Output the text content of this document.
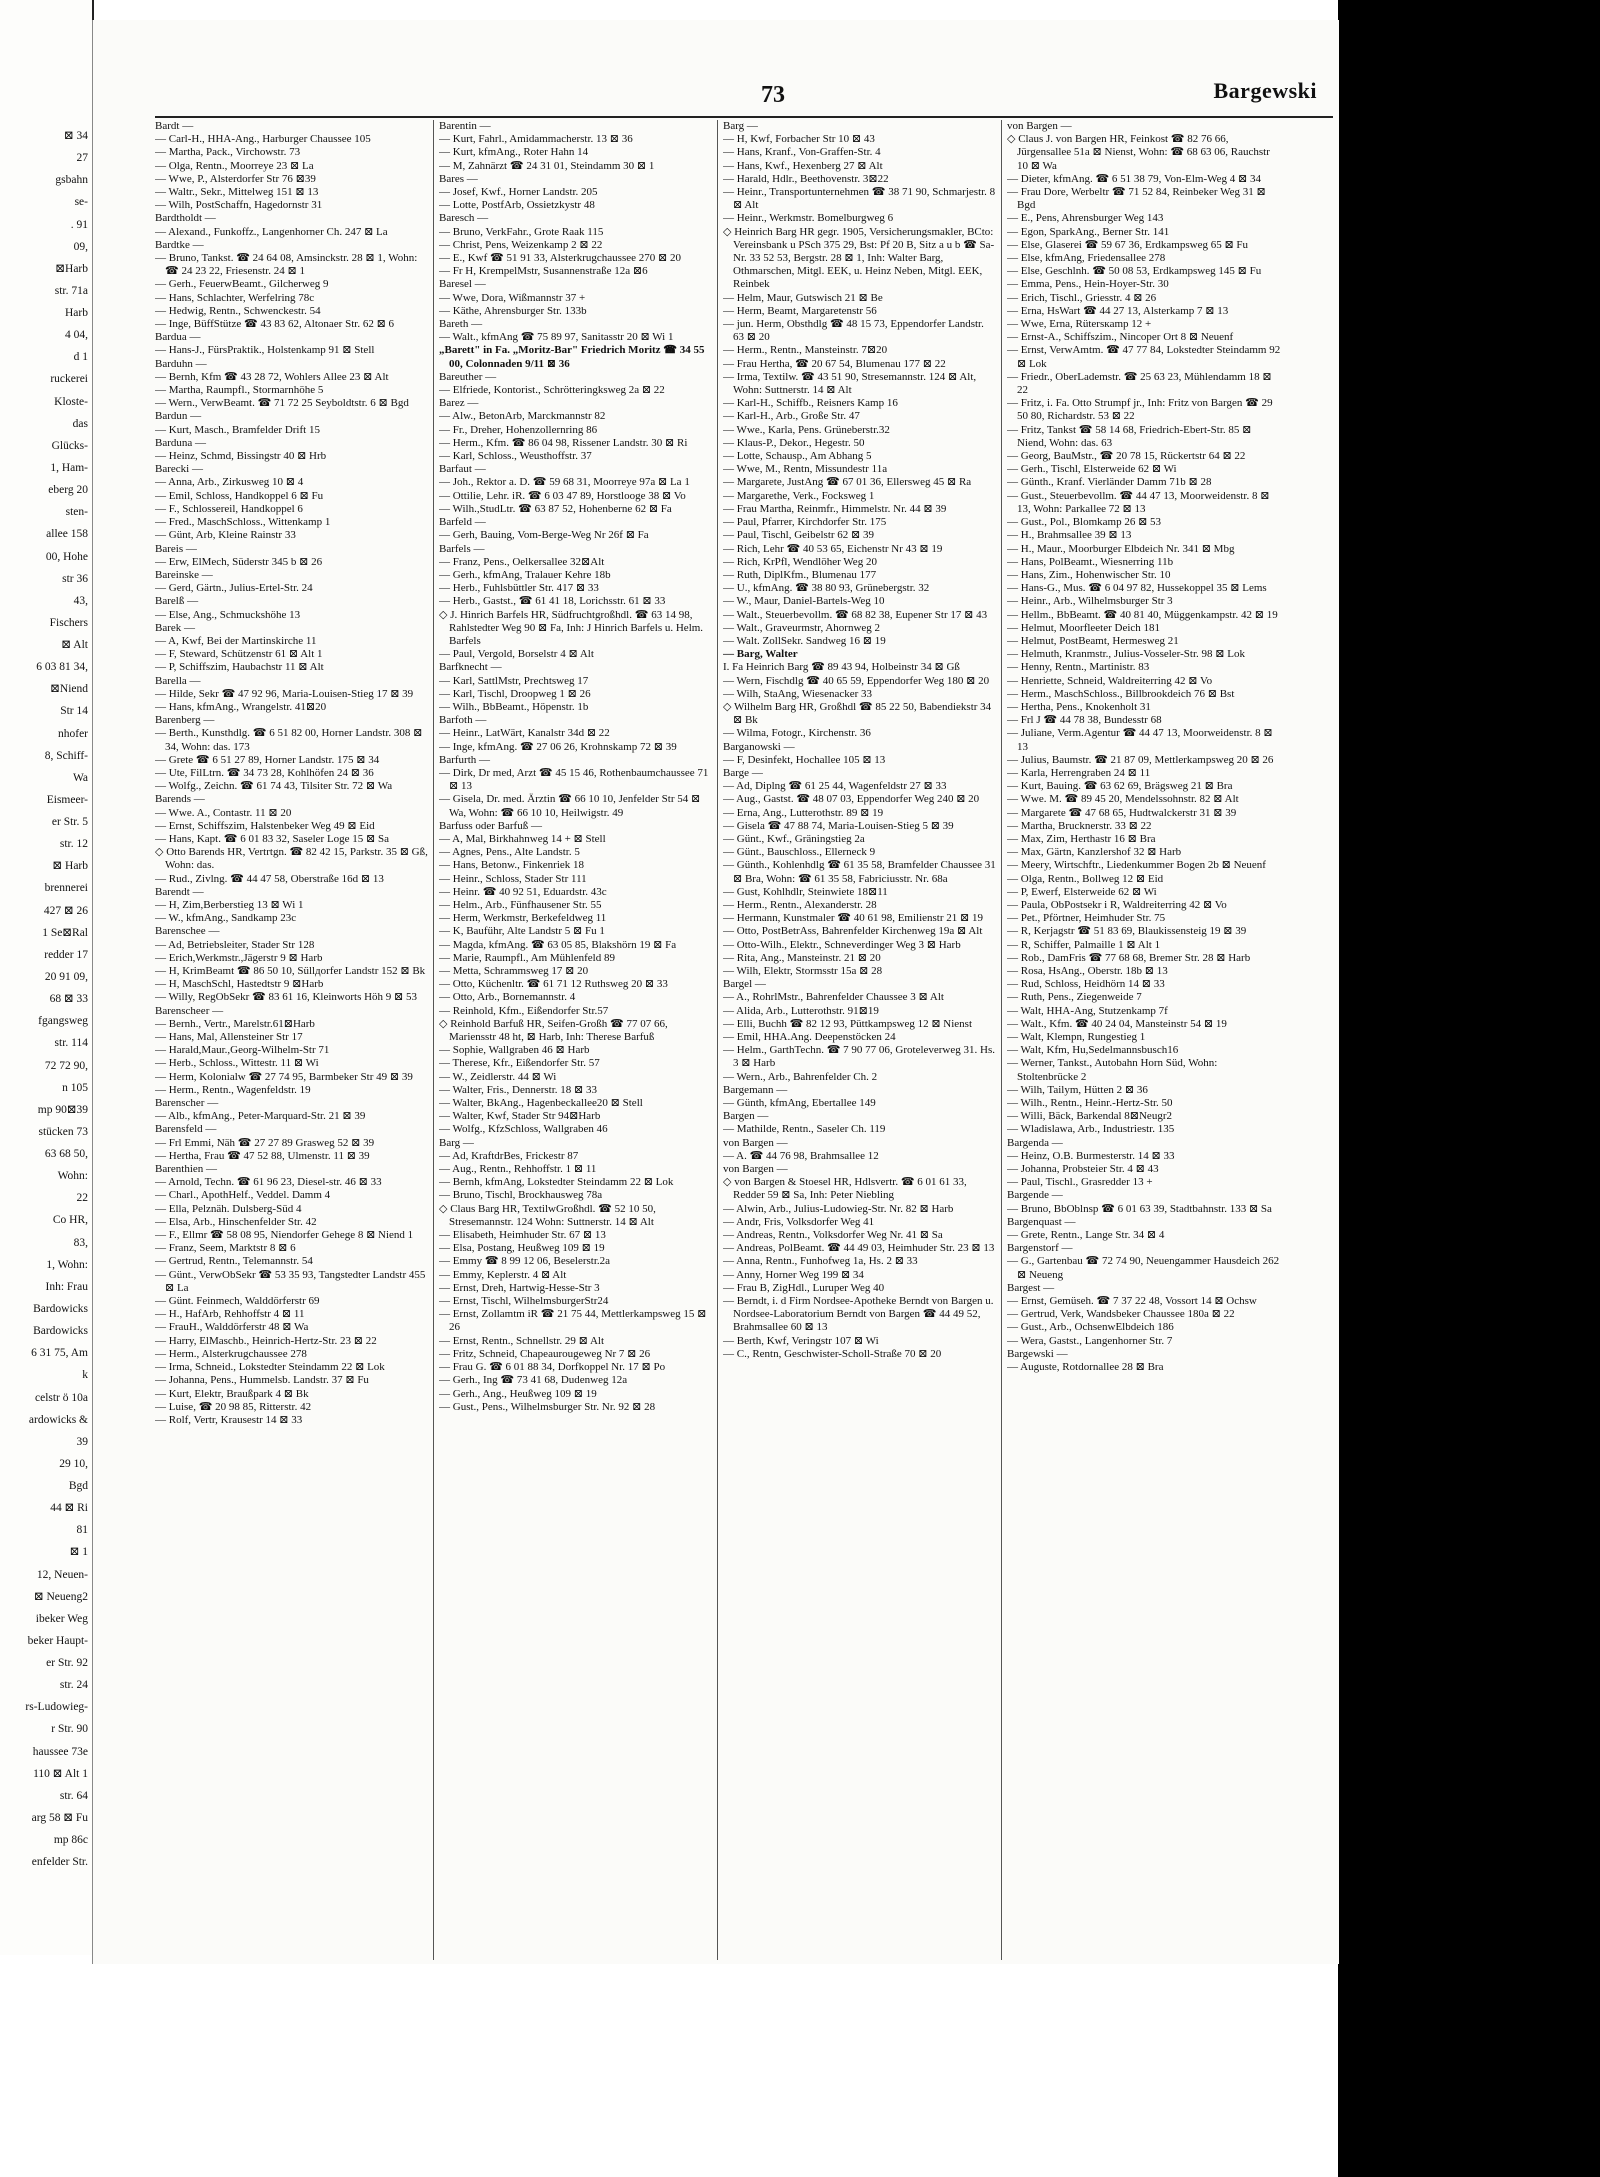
⊠ 34
27
gsbahn
se-
. 91
09,
⊠Harb
str. 71a
Harb
4 04,
d 1
ruckerei
Kloste-
das
Glücks-
1, Ham-
eberg 20
sten-
allee 158
00, Hohe
str 36
43,
Fischers
⊠ Alt
6 03 81 34,
⊠Niend
Str 14
nhofer
8, Schiff-
Wa
Eismeer-
er Str. 5
str. 12
⊠ Harb
brennerei
427 ⊠ 26
1 Se⊠Ral
redder 17
20 91 09,
68 ⊠ 33
fgangsweg
str. 114
72 72 90,
n 105
mp 90⊠39
stücken 73
63 68 50,
Wohn:
22
Co HR,
83,
1, Wohn:
Inh: Frau
Bardowicks
Bardowicks
6 31 75, Am
k
celstr ö 10a
ardowicks &
39
29 10,
Bgd
44 ⊠ Ri
81
⊠ 1
12, Neuen-
⊠ Neueng2
ibeker Weg
beker Haupt-
er Str. 92
str. 24
rs-Ludowieg-
r Str. 90
haussee 73e
110 ⊠ Alt 1
str. 64
arg 58 ⊠ Fu
mp 86c
enfelder Str.
73	Bargewski

Bardt —

— Carl-H., HHA-Ang., Harburger Chaussee 105

— Martha, Pack., Virchowstr. 73

— Olga, Rentn., Moorreye 23 ⊠ La

— Wwe, P., Alsterdorfer Str 76 ⊠39

— Waltr., Sekr., Mittelweg 151 ⊠ 13

— Wilh, PostSchaffn, Hagedornstr 31

Bardtholdt —

— Alexand., Funkoffz., Langenhorner Ch. 247 ⊠ La

Bardtke —

— Bruno, Tankst. ☎ 24 64 08, Amsinckstr. 28 ⊠ 1, Wohn: ☎ 24 23 22, Friesenstr. 24 ⊠ 1

— Gerh., FeuerwBeamt., Gilcherweg 9

— Hans, Schlachter, Werfelring 78c

— Hedwig, Rentn., Schwenckestr. 54

— Inge, BüffStütze ☎ 43 83 62, Altonaer Str. 62 ⊠ 6

Bardua —

— Hans-J., FürsPraktik., Holstenkamp 91 ⊠ Stell

Barduhn —

— Bernh, Kfm ☎ 43 28 72, Wohlers Allee 23 ⊠ Alt

— Martha, Raumpfl., Stormarnhöhe 5

— Wern., VerwBeamt. ☎ 71 72 25 Seyboldtstr. 6 ⊠ Bgd

Bardun —

— Kurt, Masch., Bramfelder Drift 15

Barduna —

— Heinz, Schmd, Bissingstr 40 ⊠ Hrb

Barecki —

— Anna, Arb., Zirkusweg 10 ⊠ 4

— Emil, Schloss, Handkoppel 6 ⊠ Fu

— F., Schlossereil, Handkoppel 6

— Fred., MaschSchloss., Wittenkamp 1

— Günt, Arb, Kleine Rainstr 33

Bareis —

— Erw, ElMech, Süderstr 345 b ⊠ 26

Bareinske —

— Gerd, Gärtn., Julius-Ertel-Str. 24

Barelß —

— Else, Ang., Schmuckshöhe 13

Barek —

— A, Kwf, Bei der Martinskirche 11

— F, Steward, Schützenstr 61 ⊠ Alt 1

— P, Schiffszim, Haubachstr 11 ⊠ Alt

Barella —

— Hilde, Sekr ☎ 47 92 96, Maria-Louisen-Stieg 17 ⊠ 39

— Hans, kfmAng., Wrangelstr. 41⊠20

Barenberg —

— Berth., Kunsthdlg. ☎ 6 51 82 00, Horner Landstr. 308 ⊠ 34, Wohn: das. 173

— Grete ☎ 6 51 27 89, Horner Landstr. 175 ⊠ 34

— Ute, FilLtrn. ☎ 34 73 28, Kohlhöfen 24 ⊠ 36

— Wolfg., Zeichn. ☎ 61 74 43, Tilsiter Str. 72 ⊠ Wa

Barends —

— Wwe. A., Contastr. 11 ⊠ 20

— Ernst, Schiffszim, Halstenbeker Weg 49 ⊠ Eid

— Hans, Kapt. ☎ 6 01 83 32, Saseler Loge 15 ⊠ Sa

◇ Otto Barends HR, Vertrtgn. ☎ 82 42 15, Parkstr. 35 ⊠ Gß, Wohn: das.

— Rud., Zivlng. ☎ 44 47 58, Oberstraße 16d ⊠ 13

Barendt —

— H, Zim,Berberstieg 13 ⊠ Wi 1

— W., kfmAng., Sandkamp 23c

Barenschee —

— Ad, Betriebsleiter, Stader Str 128

— Erich,Werkmstr.,Jägerstr 9 ⊠ Harb

— H, KrimBeamt ☎ 86 50 10, Süllдorfer Landstr 152 ⊠ Bk

— H, MaschSchl, Hastedtstr 9 ⊠Harb

— Willy, RegObSekr ☎ 83 61 16, Kleinworts Höh 9 ⊠ 53

Barenscheer —

— Bernh., Vertr., Marelstr.61⊠Harb

— Hans, Mal, Allensteiner Str 17

— Harald,Maur.,Georg-Wilhelm-Str 71

— Herb., Schloss., Wittestr. 11 ⊠ Wi

— Herm, Kolonialw ☎ 27 74 95, Barmbeker Str 49 ⊠ 39

— Herm., Rentn., Wagenfeldstr. 19

Barenscher —

— Alb., kfmAng., Peter-Marquard-Str. 21 ⊠ 39

Barensfeld —

— Frl Emmi, Näh ☎ 27 27 89 Grasweg 52 ⊠ 39

— Hertha, Frau ☎ 47 52 88, Ulmenstr. 11 ⊠ 39

Barenthien —

— Arnold, Techn. ☎ 61 96 23, Diesel-str. 46 ⊠ 33

— Charl., ApothHelf., Veddel. Damm 4

— Ella, Pelznäh. Dulsberg-Süd 4

— Elsa, Arb., Hinschenfelder Str. 42

— F., Ellmr ☎ 58 08 95, Niendorfer Gehege 8 ⊠ Niend 1

— Franz, Seem, Marktstr 8 ⊠ 6

— Gertrud, Rentn., Telemannstr. 54

— Günt., VerwObSekr ☎ 53 35 93, Tangstedter Landstr 455 ⊠ La

— Günt. Feinmech, Walddörferstr 69

— H., HafArb, Rehhoffstr 4 ⊠ 11

— FrauH., Walddörferstr 48 ⊠ Wa

— Harry, ElMaschb., Heinrich-Hertz-Str. 23 ⊠ 22

— Herm., Alsterkrugchaussee 278

— Irma, Schneid., Lokstedter Steindamm 22 ⊠ Lok

— Johanna, Pens., Hummelsb. Landstr. 37 ⊠ Fu

— Kurt, Elektr, Braußpark 4 ⊠ Bk

— Luise, ☎ 20 98 85, Ritterstr. 42

— Rolf, Vertr, Krausestr 14 ⊠ 33

Barentin —

— Kurt, Fahrl., Amidammacherstr. 13 ⊠ 36

— Kurt, kfmAng., Roter Hahn 14

— M, Zahnärzt ☎ 24 31 01, Steindamm 30 ⊠ 1

Bares —

— Josef, Kwf., Horner Landstr. 205

— Lotte, PostfArb, Ossietzkystr 48

Baresch —

— Bruno, VerkFahr., Grote Raak 115

— Christ, Pens, Weizenkamp 2 ⊠ 22

— E., Kwf ☎ 51 91 33, Alsterkrugchaussee 270 ⊠ 20

— Fr H, KrempelMstr, Susannenstraße 12a ⊠6

Baresel —

— Wwe, Dora, Wißmannstr 37 +

— Käthe, Ahrensburger Str. 133b

Bareth —

— Walt., kfmAng ☎ 75 89 97, Sanitasstr 20 ⊠ Wi 1

„Barett" in Fa. „Moritz-Bar" Friedrich Moritz ☎ 34 55 00, Colonnaden 9/11 ⊠ 36

Bareuther —

— Elfriede, Kontorist., Schrötteringksweg 2a ⊠ 22

Barez —

— Alw., BetonArb, Marckmannstr 82

— Fr., Dreher, Hohenzollernring 86

— Herm., Kfm. ☎ 86 04 98, Rissener Landstr. 30 ⊠ Ri

— Karl, Schloss., Weusthoffstr. 37

Barfaut —

— Joh., Rektor a. D. ☎ 59 68 31, Moorreye 97a ⊠ La 1

— Ottilie, Lehr. iR. ☎ 6 03 47 89, Horstlooge 38 ⊠ Vo

— Wilh.,StudLtr. ☎ 63 87 52, Hohenberne 62 ⊠ Fa

Barfeld —

— Gerh, Bauing, Vom-Berge-Weg Nr 26f ⊠ Fa

Barfels —

— Franz, Pens., Oelkersallee 32⊠Alt

— Gerh., kfmAng, Tralauer Kehre 18b

— Herb., Fuhlsbüttler Str. 417 ⊠ 33

— Herb., Gastst., ☎ 61 41 18, Lorichsstr. 61 ⊠ 33

◇ J. Hinrich Barfels HR, Südfruchtgroßhdl. ☎ 63 14 98, Rahlstedter Weg 90 ⊠ Fa, Inh: J Hinrich Barfels u. Helm. Barfels

— Paul, Vergold, Borselstr 4 ⊠ Alt

Barfknecht —

— Karl, SattlMstr, Prechtsweg 17

— Karl, Tischl, Droopweg 1 ⊠ 26

— Wilh., BbBeamt., Höpenstr. 1b

Barfoth —

— Heinr., LatWärt, Kanalstr 34d ⊠ 22

— Inge, kfmAng. ☎ 27 06 26, Krohnskamp 72 ⊠ 39

Barfurth —

— Dirk, Dr med, Arzt ☎ 45 15 46, Rothenbaumchaussee 71 ⊠ 13

— Gisela, Dr. med. Ärztin ☎ 66 10 10, Jenfelder Str 54 ⊠ Wa, Wohn: ☎ 66 10 10, Heilwigstr. 49

Barfuss oder Barfuß —

— A, Mal, Birkhahnweg 14 + ⊠ Stell

— Agnes, Pens., Alte Landstr. 5

— Hans, Betonw., Finkenriek 18

— Heinr., Schloss, Stader Str 111

— Heinr. ☎ 40 92 51, Eduardstr. 43c

— Helm., Arb., Fünfhausener Str. 55

— Herm, Werkmstr, Berkefeldweg 11

— K, Bauführ, Alte Landstr 5 ⊠ Fu 1

— Magda, kfmAng. ☎ 63 05 85, Blakshörn 19 ⊠ Fa

— Marie, Raumpfl., Am Mühlenfeld 89

— Metta, Schrammsweg 17 ⊠ 20

— Otto, Küchenltr. ☎ 61 71 12 Ruthsweg 20 ⊠ 33

— Otto, Arb., Bornemannstr. 4

— Reinhold, Kfm., Eißendorfer Str.57

◇ Reinhold Barfuß HR, Seifen-Großh ☎ 77 07 66, Mariensstr 48 ht, ⊠ Harb, Inh: Therese Barfuß

— Sophie, Wallgraben 46 ⊠ Harb

— Therese, Kfr., Eißendorfer Str. 57

— W., Zeidlerstr. 44 ⊠ Wi

— Walter, Fris., Dennerstr. 18 ⊠ 33

— Walter, BkAng., Hagenbeckallee20 ⊠ Stell

— Walter, Kwf, Stader Str 94⊠Harb

— Wolfg., KfzSchloss, Wallgraben 46

Barg —

— Ad, KraftdrBes, Frickestr 87

— Aug., Rentn., Rehhoffstr. 1 ⊠ 11

— Bernh, kfmAng, Lokstedter Steindamm 22 ⊠ Lok

— Bruno, Tischl, Brockhausweg 78a

◇ Claus Barg HR, TextilwGroßhdl. ☎ 52 10 50, Stresemannstr. 124 Wohn: Suttnerstr. 14 ⊠ Alt

— Elisabeth, Heimhuder Str. 67 ⊠ 13

— Elsa, Postang, Heußweg 109 ⊠ 19

— Emmy ☎ 8 99 12 06, Beselerstr.2a

— Emmy, Keplerstr. 4 ⊠ Alt

— Ernst, Dreh, Hartwig-Hesse-Str 3

— Ernst, Tischl, WilhelmsburgerStr24

— Ernst, Zollamtm iR ☎ 21 75 44, Mettlerkampsweg 15 ⊠ 26

— Ernst, Rentn., Schnellstr. 29 ⊠ Alt

— Fritz, Schneid, Chapeaurougeweg Nr 7 ⊠ 26

— Frau G. ☎ 6 01 88 34, Dorfkoppel Nr. 17 ⊠ Po

— Gerh., Ing ☎ 73 41 68, Dudenweg 12a

— Gerh., Ang., Heußweg 109 ⊠ 19

— Gust., Pens., Wilhelmsburger Str. Nr. 92 ⊠ 28

Barg —

— H, Kwf, Forbacher Str 10 ⊠ 43

— Hans, Kranf., Von-Graffen-Str. 4

— Hans, Kwf., Hexenberg 27 ⊠ Alt

— Harald, Hdlr., Beethovenstr. 3⊠22

— Heinr., Transportunternehmen ☎ 38 71 90, Schmarjestr. 8 ⊠ Alt

— Heinr., Werkmstr. Bomelburgweg 6

◇ Heinrich Barg HR gegr. 1905, Versicherungsmakler, BCto: Vereinsbank u PSch 375 29, Bst: Pf 20 B, Sitz a u b ☎ Sa-Nr. 33 52 53, Bergstr. 28 ⊠ 1, Inh: Walter Barg, Othmarschen, Mitgl. EEK, u. Heinz Neben, Mitgl. EEK, Reinbek

— Helm, Maur, Gutswisch 21 ⊠ Be

— Herm, Beamt, Margaretenstr 56

— jun. Herm, Obsthdlg ☎ 48 15 73, Eppendorfer Landstr. 63 ⊠ 20

— Herm., Rentn., Mansteinstr. 7⊠20

— Frau Hertha, ☎ 20 67 54, Blumenau 177 ⊠ 22

— Irma, Textilw. ☎ 43 51 90, Stresemannstr. 124 ⊠ Alt, Wohn: Suttnerstr. 14 ⊠ Alt

— Karl-H., Schiffb., Reisners Kamp 16

— Karl-H., Arb., Große Str. 47

— Wwe., Karla, Pens. Grüneberstr.32

— Klaus-P., Dekor., Hegestr. 50

— Lotte, Schausp., Am Abhang 5

— Wwe, M., Rentn, Missundestr 11a

— Margarete, JustAng ☎ 67 01 36, Ellersweg 45 ⊠ Ra

— Margarethe, Verk., Focksweg 1

— Frau Martha, Reinmfr., Himmelstr. Nr. 44 ⊠ 39

— Paul, Pfarrer, Kirchdorfer Str. 175

— Paul, Tischl, Geibelstr 62 ⊠ 39

— Rich, Lehr ☎ 40 53 65, Eichenstr Nr 43 ⊠ 19

— Rich, KrPfl, Wendlöher Weg 20

— Ruth, DiplKfm., Blumenau 177

— U., kfmAng. ☎ 38 80 93, Grünebergstr. 32

— W., Maur, Daniel-Bartels-Weg 10

— Walt., Steuerbevollm. ☎ 68 82 38, Eupener Str 17 ⊠ 43

— Walt., Graveurmstr, Ahornweg 2

— Walt. ZollSekr. Sandweg 16 ⊠ 19

— Barg, Walter

I. Fa Heinrich Barg ☎ 89 43 94, Holbeinstr 34 ⊠ Gß

— Wern, Fischdlg ☎ 40 65 59, Eppendorfer Weg 180 ⊠ 20

— Wilh, StaAng, Wiesenacker 33

◇ Wilhelm Barg HR, Großhdl ☎ 85 22 50, Babendiekstr 34 ⊠ Bk

— Wilma, Fotogr., Kirchenstr. 36

Barganowski —

— F, Desinfekt, Hochallee 105 ⊠ 13

Barge —

— Ad, Diplng ☎ 61 25 44, Wagenfeldstr 27 ⊠ 33

— Aug., Gastst. ☎ 48 07 03, Eppendorfer Weg 240 ⊠ 20

— Erna, Ang., Lutterothstr. 89 ⊠ 19

— Gisela ☎ 47 88 74, Maria-Louisen-Stieg 5 ⊠ 39

— Günt., Kwf., Gräningstieg 2a

— Günt., Bauschloss., Ellerneck 9

— Günth., Kohlenhdlg ☎ 61 35 58, Bramfelder Chaussee 31 ⊠ Bra, Wohn: ☎ 61 35 58, Fabriciusstr. Nr. 68a

— Gust, Kohlhdlr, Steinwiete 18⊠11

— Herm., Rentn., Alexanderstr. 28

— Hermann, Kunstmaler ☎ 40 61 98, Emilienstr 21 ⊠ 19

— Otto, PostBetrAss, Bahrenfelder Kirchenweg 19a ⊠ Alt

— Otto-Wilh., Elektr., Schneverdinger Weg 3 ⊠ Harb

— Rita, Ang., Mansteinstr. 21 ⊠ 20

— Wilh, Elektr, Stormsstr 15a ⊠ 28

Bargel —

— A., RohrlMstr., Bahrenfelder Chaussee 3 ⊠ Alt

— Alida, Arb., Lutterothstr. 91⊠19

— Elli, Buchh ☎ 82 12 93, Püttkampsweg 12 ⊠ Nienst

— Emil, HHA.Ang. Deepenstöcken 24

— Helm., GarthTechn. ☎ 7 90 77 06, Groteleverweg 31. Hs. 3 ⊠ Harb

— Wern., Arb., Bahrenfelder Ch. 2

Bargemann —

— Günth, kfmAng, Ebertallee 149

Bargen —

— Mathilde, Rentn., Saseler Ch. 119

von Bargen —

— A. ☎ 44 76 98, Brahmsallee 12

von Bargen —

◇ von Bargen & Stoesel HR, Hdlsvertr. ☎ 6 01 61 33, Redder 59 ⊠ Sa, Inh: Peter Niebling

— Alwin, Arb., Julius-Ludowieg-Str. Nr. 82 ⊠ Harb

— Andr, Fris, Volksdorfer Weg 41

— Andreas, Rentn., Volksdorfer Weg Nr. 41 ⊠ Sa

— Andreas, PolBeamt. ☎ 44 49 03, Heimhuder Str. 23 ⊠ 13

— Anna, Rentn., Funhofweg 1a, Hs. 2 ⊠ 33

— Anny, Horner Weg 199 ⊠ 34

— Frau B, ZigHdl., Luruper Weg 40

— Berndt, i. d Firm Nordsee-Apotheke Berndt von Bargen u. Nordsee-Laboratorium Berndt von Bargen ☎ 44 49 52, Brahmsallee 60 ⊠ 13

— Berth, Kwf, Veringstr 107 ⊠ Wi

— C., Rentn, Geschwister-Scholl-Straße 70 ⊠ 20

von Bargen —

◇ Claus J. von Bargen HR, Feinkost ☎ 82 76 66, Jürgensallee 51a ⊠ Nienst, Wohn: ☎ 68 63 06, Rauchstr 10 ⊠ Wa

— Dieter, kfmAng. ☎ 6 51 38 79, Von-Elm-Weg 4 ⊠ 34

— Frau Dore, Werbeltr ☎ 71 52 84, Reinbeker Weg 31 ⊠ Bgd

— E., Pens, Ahrensburger Weg 143

— Egon, SparkAng., Berner Str. 141

— Else, Glaserei ☎ 59 67 36, Erdkampsweg 65 ⊠ Fu

— Else, kfmAng, Friedensallee 278

— Else, Geschlnh. ☎ 50 08 53, Erdkampsweg 145 ⊠ Fu

— Emma, Pens., Hein-Hoyer-Str. 30

— Erich, Tischl., Griesstr. 4 ⊠ 26

— Erna, HsWart ☎ 44 27 13, Alsterkamp 7 ⊠ 13

— Wwe, Erna, Rütersкamp 12 +

— Ernst-A., Schiffszim., Nincoper Ort 8 ⊠ Neuenf

— Ernst, VerwAmtm. ☎ 47 77 84, Lokstedter Steindamm 92 ⊠ Lok

— Friedr., OberLademstr. ☎ 25 63 23, Mühlendamm 18 ⊠ 22

— Fritz, i. Fa. Otto Strumpf jr., Inh: Fritz von Bargen ☎ 29 50 80, Richardstr. 53 ⊠ 22

— Fritz, Tankst ☎ 58 14 68, Friedrich-Ebert-Str. 85 ⊠ Niend, Wohn: das. 63

— Georg, BauMstr., ☎ 20 78 15, Rückertstr 64 ⊠ 22

— Gerh., Tischl, Elsterweide 62 ⊠ Wi

— Günth., Kranf. Vierländer Damm 71b ⊠ 28

— Gust., Steuerbevollm. ☎ 44 47 13, Moorweidenstr. 8 ⊠ 13, Wohn: Parkallee 72 ⊠ 13

— Gust., Pol., Blomkamp 26 ⊠ 53

— H., Brahmsallee 39 ⊠ 13

— H., Maur., Moorburger Elbdeich Nr. 341 ⊠ Mbg

— Hans, PolBeamt., Wiesnerring 11b

— Hans, Zim., Hohenwischer Str. 10

— Hans-G., Mus. ☎ 6 04 97 82, Hussekoppel 35 ⊠ Lems

— Heinr., Arb., Wilhelmsburger Str 3

— Hellm., BbBeamt. ☎ 40 81 40, Müggenkampstr. 42 ⊠ 19

— Helmut, Moorfleeter Deich 181

— Helmut, PostBeamt, Hermesweg 21

— Helmuth, Kranmstr., Julius-Vosseler-Str. 98 ⊠ Lok

— Henny, Rentn., Martinistr. 83

— Henriette, Schneid, Waldreiterring 42 ⊠ Vo

— Herm., MaschSchloss., Billbrookdeich 76 ⊠ Bst

— Hertha, Pens., Knokenholt 31

— Frl J ☎ 44 78 38, Bundesstr 68

— Juliane, Verm.Agentur ☎ 44 47 13, Moorweidenstr. 8 ⊠ 13

— Julius, Baumstr. ☎ 21 87 09, Mettlerkampsweg 20 ⊠ 26

— Karla, Herrengraben 24 ⊠ 11

— Kurt, Bauing. ☎ 63 62 69, Brägsweg 21 ⊠ Bra

— Wwe. M. ☎ 89 45 20, Mendelssohnstr. 82 ⊠ Alt

— Margarete ☎ 47 68 65, Hudtwalckerstr 31 ⊠ 39

— Martha, Brucknerstr. 33 ⊠ 22

— Max, Zim, Herthastr 16 ⊠ Bra

— Max, Gärtn, Kanzlershof 32 ⊠ Harb

— Meery, Wirtschftr., Liedenkummer Bogen 2b ⊠ Neuenf

— Olga, Rentn., Bollweg 12 ⊠ Eid

— P, Ewerf, Elsterweide 62 ⊠ Wi

— Paula, ObPostsekr i R, Waldreiterring 42 ⊠ Vo

— Pet., Pförtner, Heimhuder Str. 75

— R, Kerjagstr ☎ 51 83 69, Blaukissensteig 19 ⊠ 39

— R, Schiffer, Palmaille 1 ⊠ Alt 1

— Rob., DamFris ☎ 77 68 68, Bremer Str. 28 ⊠ Harb

— Rosa, HsAng., Oberstr. 18b ⊠ 13

— Rud, Schloss, Heidhörn 14 ⊠ 33

— Ruth, Pens., Ziegenweide 7

— Walt, HHA-Ang, Stutzenkamp 7f

— Walt., Kfm. ☎ 40 24 04, Mansteinstr 54 ⊠ 19

— Walt, Klempn, Rungestieg 1

— Walt, Kfm, Hu,Sedelmannsbusch16

— Werner, Tankst., Autobahn Horn Süd, Wohn: Stoltenbrücke 2

— Wilh, Tailym, Hütten 2 ⊠ 36

— Wilh., Rentn., Heinr.-Hertz-Str. 50

— Willi, Bäck, Barkendal 8⊠Neugr2

— Wladislawa, Arb., Industriestr. 135

Bargenda —

— Heinz, O.B. Burmesterstr. 14 ⊠ 33

— Johanna, Probsteier Str. 4 ⊠ 43

— Paul, Tischl., Grasredder 13 +

Bargende —

— Bruno, BbOblnsp ☎ 6 01 63 39, Stadtbahnstr. 133 ⊠ Sa

Bargenquast —

— Grete, Rentn., Lange Str. 34 ⊠ 4

Bargenstorf —

— G., Gartenbau ☎ 72 74 90, Neuengammer Hausdeich 262 ⊠ Neueng

Bargest —

— Ernst, Gemüseh. ☎ 7 37 22 48, Vossort 14 ⊠ Ochsw

— Gertrud, Verk, Wandsbeker Chaussee 180a ⊠ 22

— Gust., Arb., OchsenwElbdeich 186

— Wera, Gastst., Langenhorner Str. 7

Bargewski —

— Auguste, Rotdornallee 28 ⊠ Bra
